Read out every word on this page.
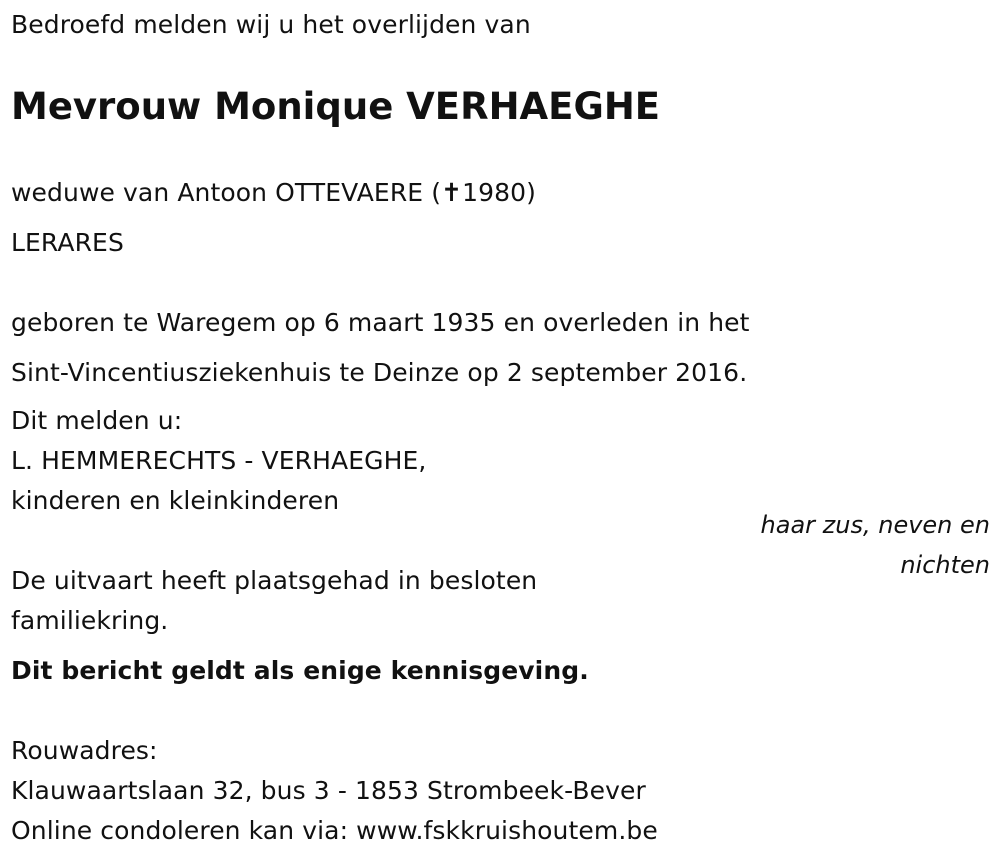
Bedroefd melden wij u het overlijden van
Mevrouw Monique VERHAEGHE
weduwe van Antoon OTTEVAERE (✝1980)
LERARES
geboren te Waregem op 6 maart 1935 en overleden in het
Sint-Vincentiusziekenhuis te Deinze op 2 september 2016.
Dit melden u:
L. HEMMERECHTS - VERHAEGHE,
kinderen en kleinkinderen
haar zus, neven en
nichten
De uitvaart heeft plaatsgehad in besloten
familiekring.
Dit bericht geldt als enige kennisgeving.
Rouwadres:
Klauwaartslaan 32, bus 3 - 1853 Strombeek-Bever
Online condoleren kan via: www.fskkruishoutem.be
